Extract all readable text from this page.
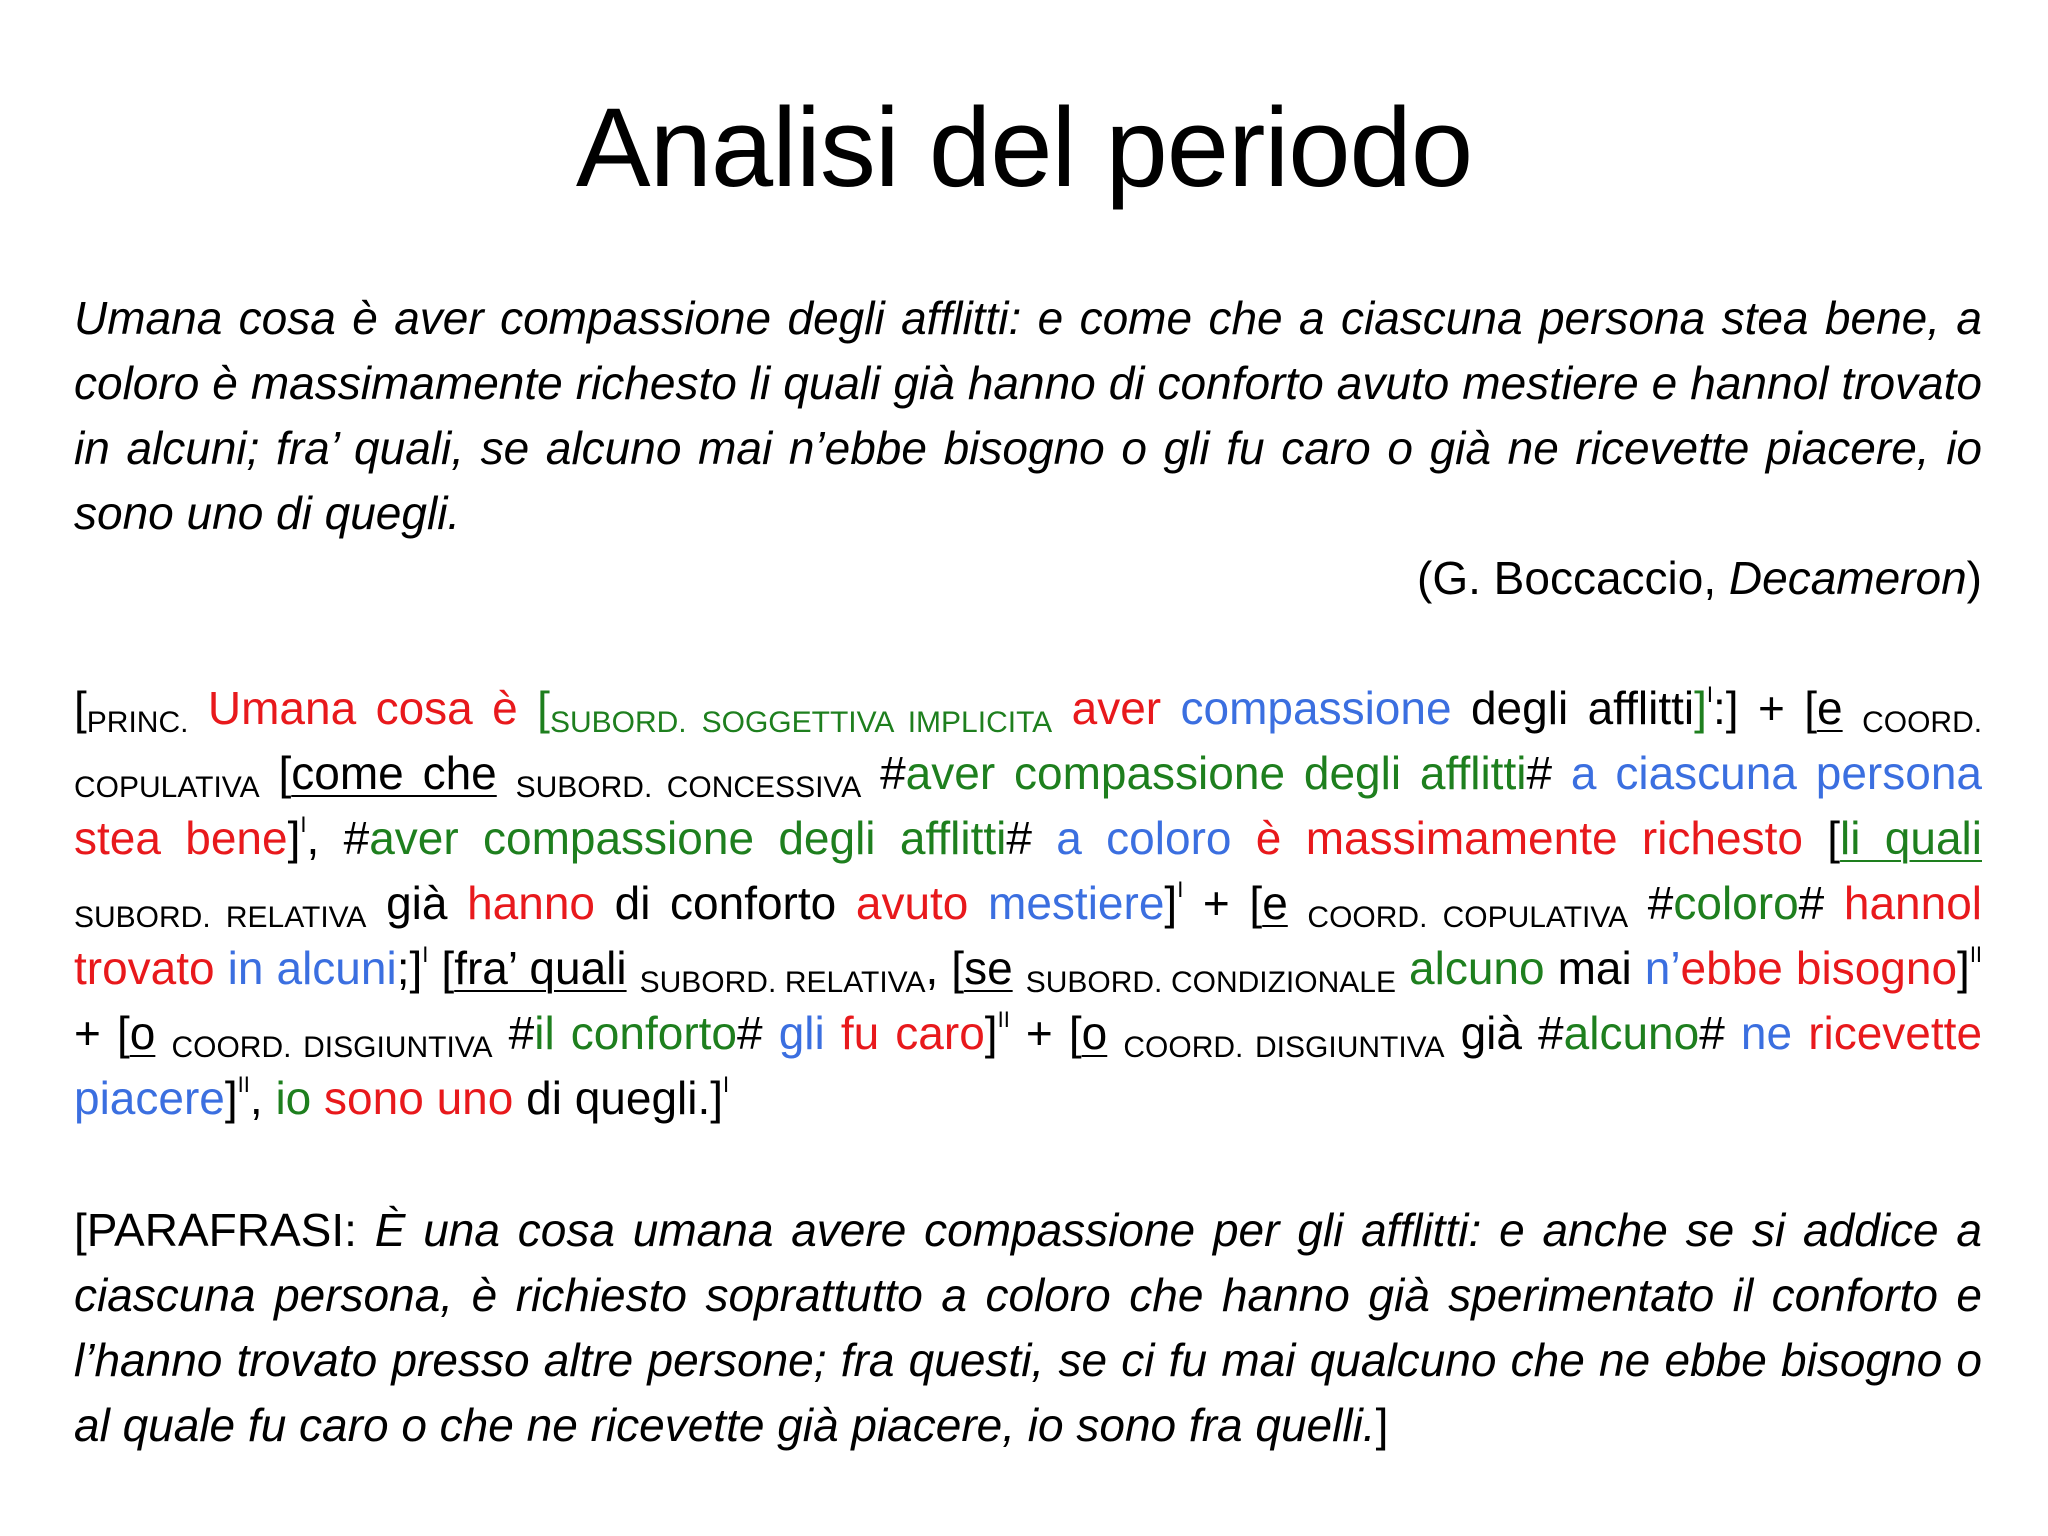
Analisi del periodo
Umana cosa è aver compassione degli afflitti: e come che a ciascuna persona stea bene, a coloro è massimamente richesto li quali già hanno di conforto avuto mestiere e hannol trovato in alcuni; fra’ quali, se alcuno mai n’ebbe bisogno o gli fu caro o già ne ricevette piacere, io sono uno di quegli.
(G. Boccaccio, Decameron)
[PRINC. Umana cosa è [SUBORD. SOGGETTIVA IMPLICITA aver compassione degli afflitti]$^I$:] + [e COORD. COPULATIVA [come che SUBORD. CONCESSIVA #aver compassione degli afflitti# a ciascuna persona stea bene]$^I$, #aver compassione degli afflitti# a coloro è massimamente richesto [li quali SUBORD. RELATIVA già hanno di conforto avuto mestiere]$^I$ + [e COORD. COPULATIVA #coloro# hannol trovato in alcuni;]$^I$ [fra’ quali SUBORD. RELATIVA, [se SUBORD. CONDIZIONALE alcuno mai n’ebbe bisogno]$^{II}$ + [o COORD. DISGIUNTIVA #il conforto# gli fu caro]$^{II}$ + [o COORD. DISGIUNTIVA già #alcuno# ne ricevette piacere]$^{II}$, io sono uno di quegli.]$^I$
[PARAFRASI: È una cosa umana avere compassione per gli afflitti: e anche se si addice a ciascuna persona, è richiesto soprattutto a coloro che hanno già sperimentato il conforto e l’hanno trovato presso altre persone; fra questi, se ci fu mai qualcuno che ne ebbe bisogno o al quale fu caro o che ne ricevette già piacere, io sono fra quelli.]
